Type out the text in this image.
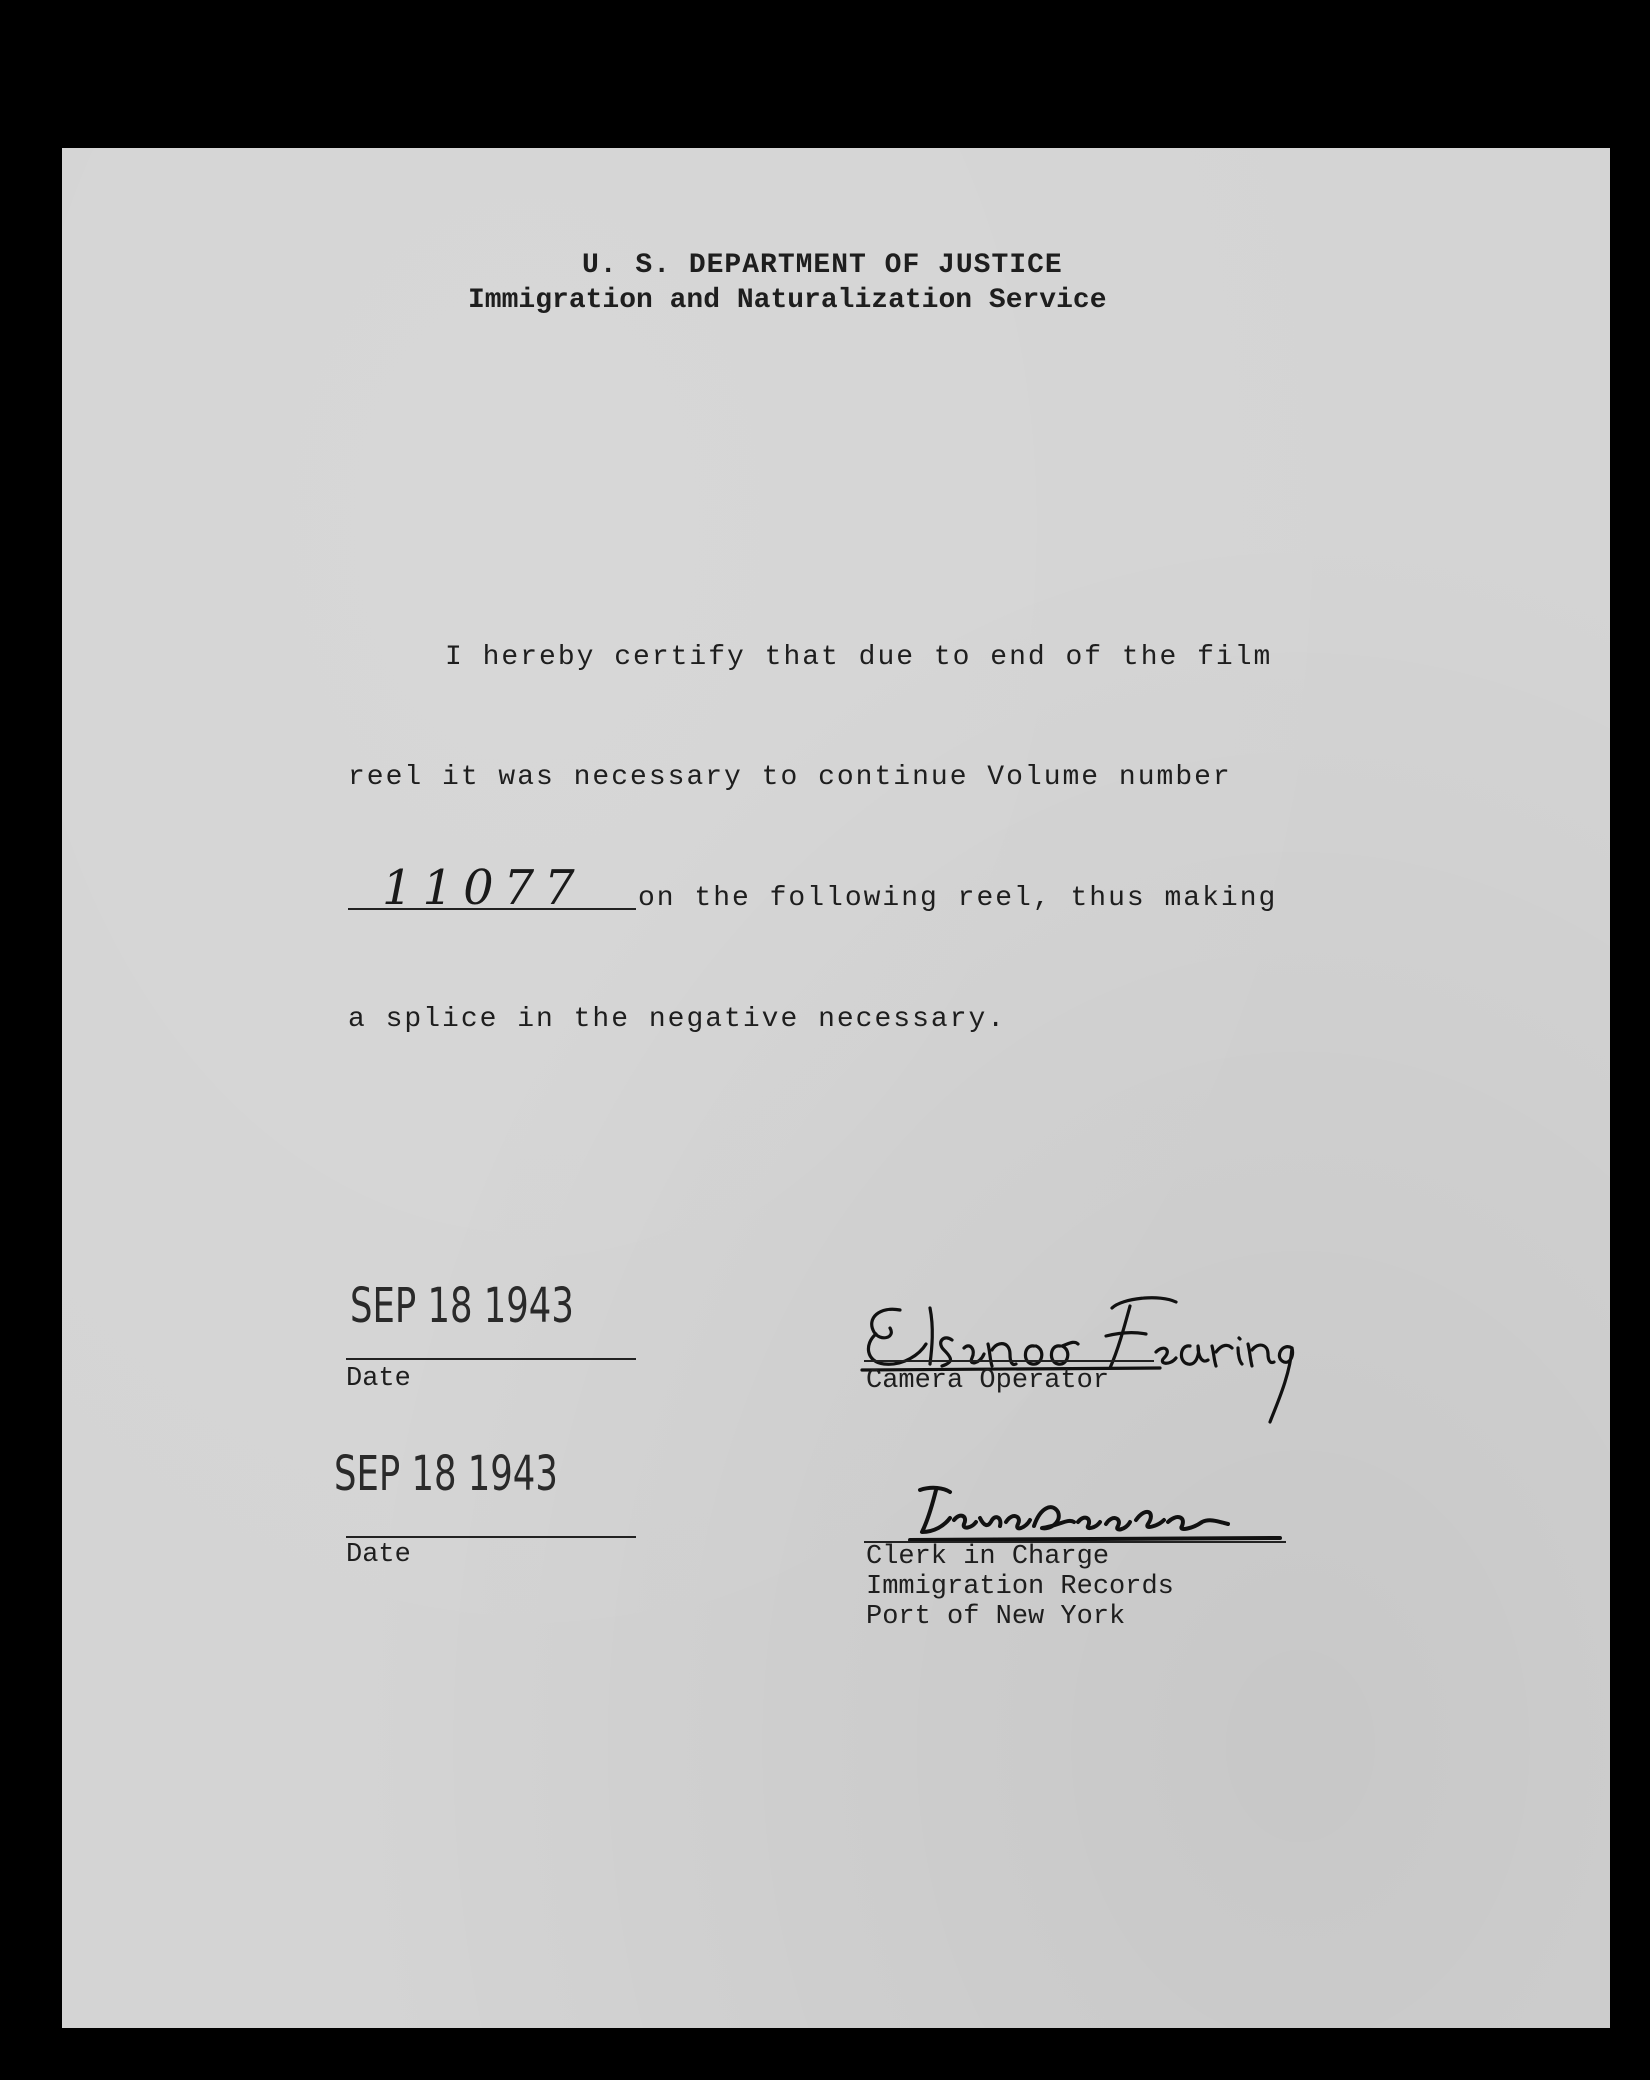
U. S. DEPARTMENT OF JUSTICE
Immigration and Naturalization Service
I hereby certify that due to end of the film
reel it was necessary to continue Volume number
11077 on the following reel, thus making
a splice in the negative necessary.
SEP 18 1943
Date
SEP 18 1943
Date
Camera Operator
Clerk in Charge
Immigration Records
Port of New York
